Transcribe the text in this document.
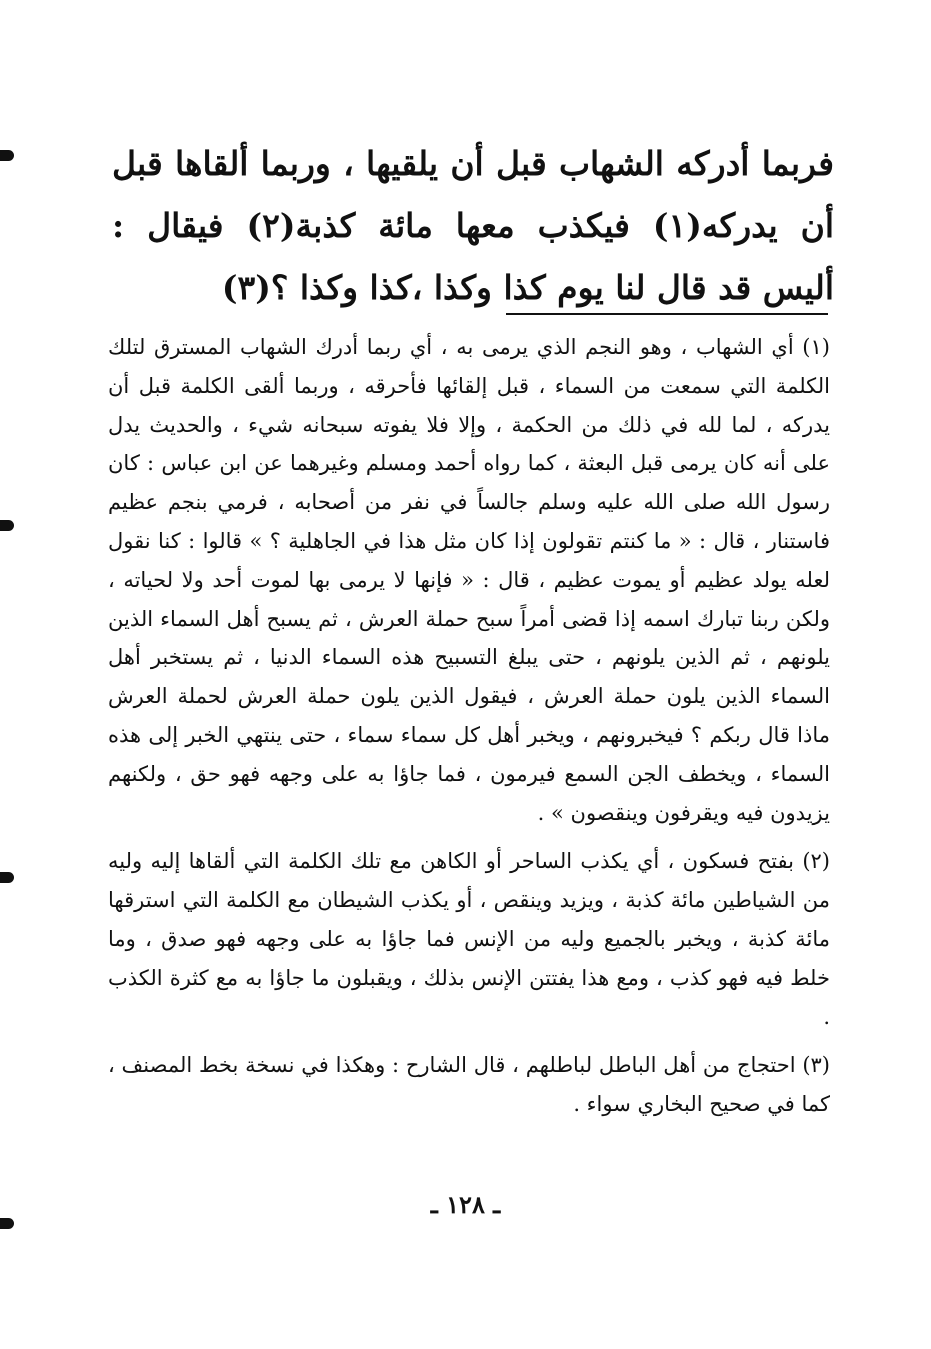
فربما أدركه الشهاب قبل أن يلقيها ، وربما ألقاها قبل أن يدركه(١) فيكذب معها مائة كذبة(٢) فيقال : أليس قد قال لنا يوم كذا وكذا ،كذا وكذا ؟(٣)

(١) أي الشهاب ، وهو النجم الذي يرمى به ، أي ربما أدرك الشهاب المسترق لتلك الكلمة التي سمعت من السماء ، قبل إلقائها فأحرقه ، وربما ألقى الكلمة قبل أن يدركه ، لما لله في ذلك من الحكمة ، وإلا فلا يفوته سبحانه شيء ، والحديث يدل على أنه كان يرمى قبل البعثة ، كما رواه أحمد ومسلم وغيرهما عن ابن عباس : كان رسول الله صلى الله عليه وسلم جالساً في نفر من أصحابه ، فرمي بنجم عظيم فاستنار ، قال : « ما كنتم تقولون إذا كان مثل هذا في الجاهلية ؟ » قالوا : كنا نقول لعله يولد عظيم أو يموت عظيم ، قال : « فإنها لا يرمى بها لموت أحد ولا لحياته ، ولكن ربنا تبارك اسمه إذا قضى أمراً سبح حملة العرش ، ثم يسبح أهل السماء الذين يلونهم ، ثم الذين يلونهم ، حتى يبلغ التسبيح هذه السماء الدنيا ، ثم يستخبر أهل السماء الذين يلون حملة العرش ، فيقول الذين يلون حملة العرش لحملة العرش ماذا قال ربكم ؟ فيخبرونهم ، ويخبر أهل كل سماء سماء ، حتى ينتهي الخبر إلى هذه السماء ، ويخطف الجن السمع فيرمون ، فما جاؤا به على وجهه فهو حق ، ولكنهم يزيدون فيه ويقرفون وينقصون » .

(٢) بفتح فسكون ، أي يكذب الساحر أو الكاهن مع تلك الكلمة التي ألقاها إليه وليه من الشياطين مائة كذبة ، ويزيد وينقص ، أو يكذب الشيطان مع الكلمة التي استرقها مائة كذبة ، ويخبر بالجميع وليه من الإنس فما جاؤا به على وجهه فهو صدق ، وما خلط فيه فهو كذب ، ومع هذا يفتتن الإنس بذلك ، ويقبلون ما جاؤا به مع كثرة الكذب .

(٣) احتجاج من أهل الباطل لباطلهم ، قال الشارح : وهكذا في نسخة بخط المصنف ، كما في صحيح البخاري سواء .

ـ ١٢٨ ـ
